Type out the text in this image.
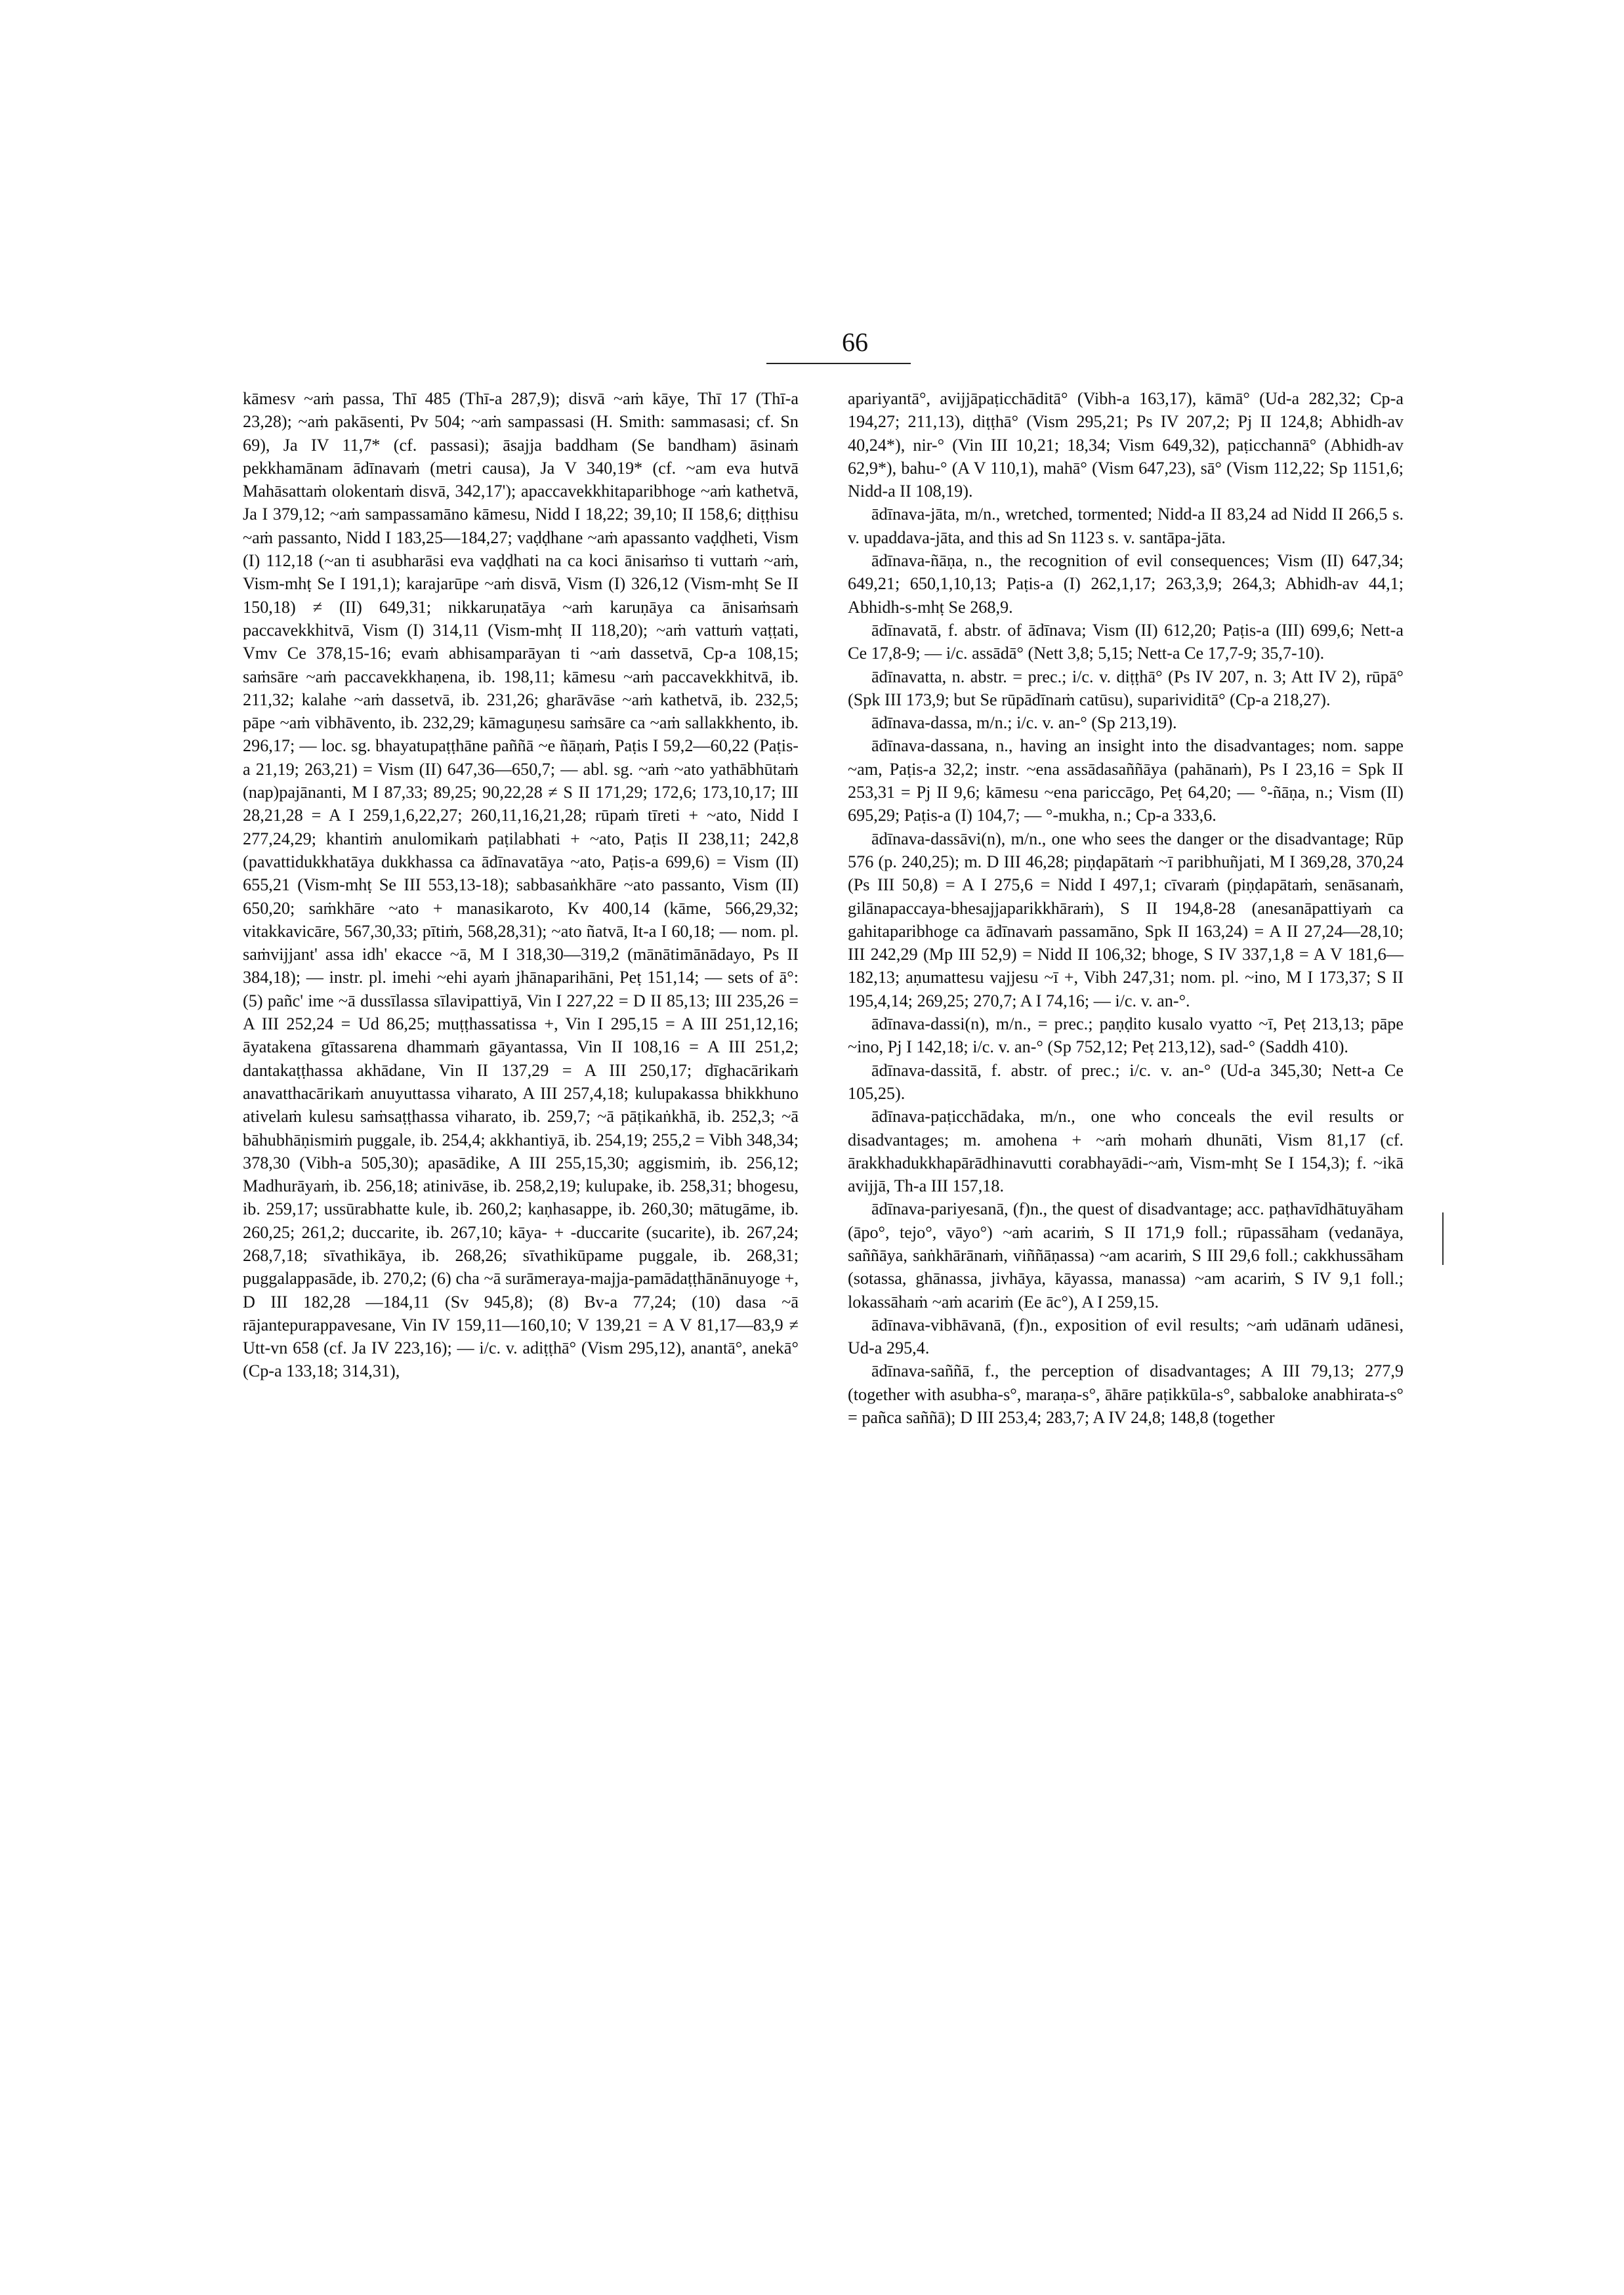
66

kāmesv ~aṁ passa, Thī 485 (Thī-a 287,9); disvā ~aṁ kāye, Thī 17 (Thī-a 23,28); ~aṁ pakāsenti, Pv 504; ~aṁ sampassasi (H. Smith: sammasasi; cf. Sn 69), Ja IV 11,7* (cf. passasi); āsajja baddham (Se bandham) āsinaṁ pekkhamānam ādīnavaṁ (metri causa), Ja V 340,19* (cf. ~am eva hutvā Mahāsattaṁ olokentaṁ disvā, 342,17'); apaccavekkhitaparibhoge ~aṁ kathetvā, Ja I 379,12; ~aṁ sampassamāno kāmesu, Nidd I 18,22; 39,10; II 158,6; diṭṭhisu ~aṁ passanto, Nidd I 183,25—184,27; vaḍḍhane ~aṁ apassanto vaḍḍheti, Vism (I) 112,18 (~an ti asubharāsi eva vaḍḍhati na ca koci ānisaṁso ti vuttaṁ ~aṁ, Vism-mhṭ Se I 191,1); karajarūpe ~aṁ disvā, Vism (I) 326,12 (Vism-mhṭ Se II 150,18) ≠ (II) 649,31; nikkaruṇatāya ~aṁ karuṇāya ca ānisaṁsaṁ paccavekkhitvā, Vism (I) 314,11 (Vism-mhṭ II 118,20); ~aṁ vattuṁ vaṭṭati, Vmv Ce 378,15-16; evaṁ abhisamparāyan ti ~aṁ dassetvā, Cp-a 108,15; saṁsāre ~aṁ paccavekkhaṇena, ib. 198,11; kāmesu ~aṁ paccavekkhitvā, ib. 211,32; kalahe ~aṁ dassetvā, ib. 231,26; gharāvāse ~aṁ kathetvā, ib. 232,5; pāpe ~aṁ vibhāvento, ib. 232,29; kāmaguṇesu saṁsāre ca ~aṁ sallakkhento, ib. 296,17; — loc. sg. bhayatupaṭṭhāne paññā ~e ñāṇaṁ, Paṭis I 59,2—60,22 (Paṭis-a 21,19; 263,21) = Vism (II) 647,36—650,7; — abl. sg. ~aṁ ~ato yathābhūtaṁ (nap)pajānanti, M I 87,33; 89,25; 90,22,28 ≠ S II 171,29; 172,6; 173,10,17; III 28,21,28 = A I 259,1,6,22,27; 260,11,16,21,28; rūpaṁ tīreti + ~ato, Nidd I 277,24,29; khantiṁ anulomikaṁ paṭilabhati + ~ato, Paṭis II 238,11; 242,8 (pavattidukkhatāya dukkhassa ca ādīnavatāya ~ato, Paṭis-a 699,6) = Vism (II) 655,21 (Vism-mhṭ Se III 553,13-18); sabbasaṅkhāre ~ato passanto, Vism (II) 650,20; saṁkhāre ~ato + manasikaroto, Kv 400,14 (kāme, 566,29,32; vitakkavicāre, 567,30,33; pītiṁ, 568,28,31); ~ato ñatvā, It-a I 60,18; — nom. pl. saṁvijjant' assa idh' ekacce ~ā, M I 318,30—319,2 (mānātimānādayo, Ps II 384,18); — instr. pl. imehi ~ehi ayaṁ jhānaparihāni, Peṭ 151,14; — sets of ā°: (5) pañc' ime ~ā dussīlassa sīlavipattiyā, Vin I 227,22 = D II 85,13; III 235,26 = A III 252,24 = Ud 86,25; muṭṭhassatissa +, Vin I 295,15 = A III 251,12,16; āyatakena gītassarena dhammaṁ gāyantassa, Vin II 108,16 = A III 251,2; dantakaṭṭhassa akhādane, Vin II 137,29 = A III 250,17; dīghacārikaṁ anavatthacārikaṁ anuyuttassa viharato, A III 257,4,18; kulupakassa bhikkhuno ativelaṁ kulesu saṁsaṭṭhassa viharato, ib. 259,7; ~ā pāṭikaṅkhā, ib. 252,3; ~ā bāhubhāṇismiṁ puggale, ib. 254,4; akkhantiyā, ib. 254,19; 255,2 = Vibh 348,34; 378,30 (Vibh-a 505,30); apasādike, A III 255,15,30; aggismiṁ, ib. 256,12; Madhurāyaṁ, ib. 256,18; atinivāse, ib. 258,2,19; kulupake, ib. 258,31; bhogesu, ib. 259,17; ussūrabhatte kule, ib. 260,2; kaṇhasappe, ib. 260,30; mātugāme, ib. 260,25; 261,2; duccarite, ib. 267,10; kāya- + -duccarite (sucarite), ib. 267,24; 268,7,18; sīvathikāya, ib. 268,26; sīvathikūpame puggale, ib. 268,31; puggalappasāde, ib. 270,2; (6) cha ~ā surāmeraya-majja-pamādaṭṭhānānuyoge +, D III 182,28 —184,11 (Sv 945,8); (8) Bv-a 77,24; (10) dasa ~ā rājantepurappavesane, Vin IV 159,11—160,10; V 139,21 = A V 81,17—83,9 ≠ Utt-vn 658 (cf. Ja IV 223,16); — i/c. v. adiṭṭhā° (Vism 295,12), anantā°, anekā° (Cp-a 133,18; 314,31),

apariyantā°, avijjāpaṭicchāditā° (Vibh-a 163,17), kāmā° (Ud-a 282,32; Cp-a 194,27; 211,13), diṭṭhā° (Vism 295,21; Ps IV 207,2; Pj II 124,8; Abhidh-av 40,24*), nir-° (Vin III 10,21; 18,34; Vism 649,32), paṭicchannā° (Abhidh-av 62,9*), bahu-° (A V 110,1), mahā° (Vism 647,23), sā° (Vism 112,22; Sp 1151,6; Nidd-a II 108,19).

ādīnava-jāta, m/n., wretched, tormented; Nidd-a II 83,24 ad Nidd II 266,5 s. v. upaddava-jāta, and this ad Sn 1123 s. v. santāpa-jāta.

ādīnava-ñāṇa, n., the recognition of evil consequences; Vism (II) 647,34; 649,21; 650,1,10,13; Paṭis-a (I) 262,1,17; 263,3,9; 264,3; Abhidh-av 44,1; Abhidh-s-mhṭ Se 268,9.

ādīnavatā, f. abstr. of ādīnava; Vism (II) 612,20; Paṭis-a (III) 699,6; Nett-a Ce 17,8-9; — i/c. assādā° (Nett 3,8; 5,15; Nett-a Ce 17,7-9; 35,7-10).

ādīnavatta, n. abstr. = prec.; i/c. v. diṭṭhā° (Ps IV 207, n. 3; Att IV 2), rūpā° (Spk III 173,9; but Se rūpādīnaṁ catūsu), suparividitā° (Cp-a 218,27).

ādīnava-dassa, m/n.; i/c. v. an-° (Sp 213,19).

ādīnava-dassana, n., having an insight into the disadvantages; nom. sappe ~am, Paṭis-a 32,2; instr. ~ena assādasaññāya (pahānaṁ), Ps I 23,16 = Spk II 253,31 = Pj II 9,6; kāmesu ~ena pariccāgo, Peṭ 64,20; — °-ñāṇa, n.; Vism (II) 695,29; Paṭis-a (I) 104,7; — °-mukha, n.; Cp-a 333,6.

ādīnava-dassāvi(n), m/n., one who sees the danger or the disadvantage; Rūp 576 (p. 240,25); m. D III 46,28; piṇḍapātaṁ ~ī paribhuñjati, M I 369,28, 370,24 (Ps III 50,8) = A I 275,6 = Nidd I 497,1; cīvaraṁ (piṇḍapātaṁ, senāsanaṁ, gilānapaccaya-bhesajjaparikkhāraṁ), S II 194,8-28 (anesanāpattiyaṁ ca gahitaparibhoge ca ādīnavaṁ passamāno, Spk II 163,24) = A II 27,24—28,10; III 242,29 (Mp III 52,9) = Nidd II 106,32; bhoge, S IV 337,1,8 = A V 181,6—182,13; aṇumattesu vajjesu ~ī +, Vibh 247,31; nom. pl. ~ino, M I 173,37; S II 195,4,14; 269,25; 270,7; A I 74,16; — i/c. v. an-°.

ādīnava-dassi(n), m/n., = prec.; paṇḍito kusalo vyatto ~ī, Peṭ 213,13; pāpe ~ino, Pj I 142,18; i/c. v. an-° (Sp 752,12; Peṭ 213,12), sad-° (Saddh 410).

ādīnava-dassitā, f. abstr. of prec.; i/c. v. an-° (Ud-a 345,30; Nett-a Ce 105,25).

ādīnava-paṭicchādaka, m/n., one who conceals the evil results or disadvantages; m. amohena + ~aṁ mohaṁ dhunāti, Vism 81,17 (cf. ārakkhadukkhapārādhinavutti corabhayādi-~aṁ, Vism-mhṭ Se I 154,3); f. ~ikā avijjā, Th-a III 157,18.

ādīnava-pariyesanā, (f)n., the quest of disadvantage; acc. paṭhavīdhātuyāham (āpo°, tejo°, vāyo°) ~aṁ acariṁ, S II 171,9 foll.; rūpassāham (vedanāya, saññāya, saṅkhārānaṁ, viññāṇassa) ~am acariṁ, S III 29,6 foll.; cakkhussāham (sotassa, ghānassa, jivhāya, kāyassa, manassa) ~am acariṁ, S IV 9,1 foll.; lokassāhaṁ ~aṁ acariṁ (Ee āc°), A I 259,15.

ādīnava-vibhāvanā, (f)n., exposition of evil results; ~aṁ udānaṁ udānesi, Ud-a 295,4.

ādīnava-saññā, f., the perception of disadvantages; A III 79,13; 277,9 (together with asubha-s°, maraṇa-s°, āhāre paṭikkūla-s°, sabbaloke anabhirata-s° = pañca saññā); D III 253,4; 283,7; A IV 24,8; 148,8 (together
